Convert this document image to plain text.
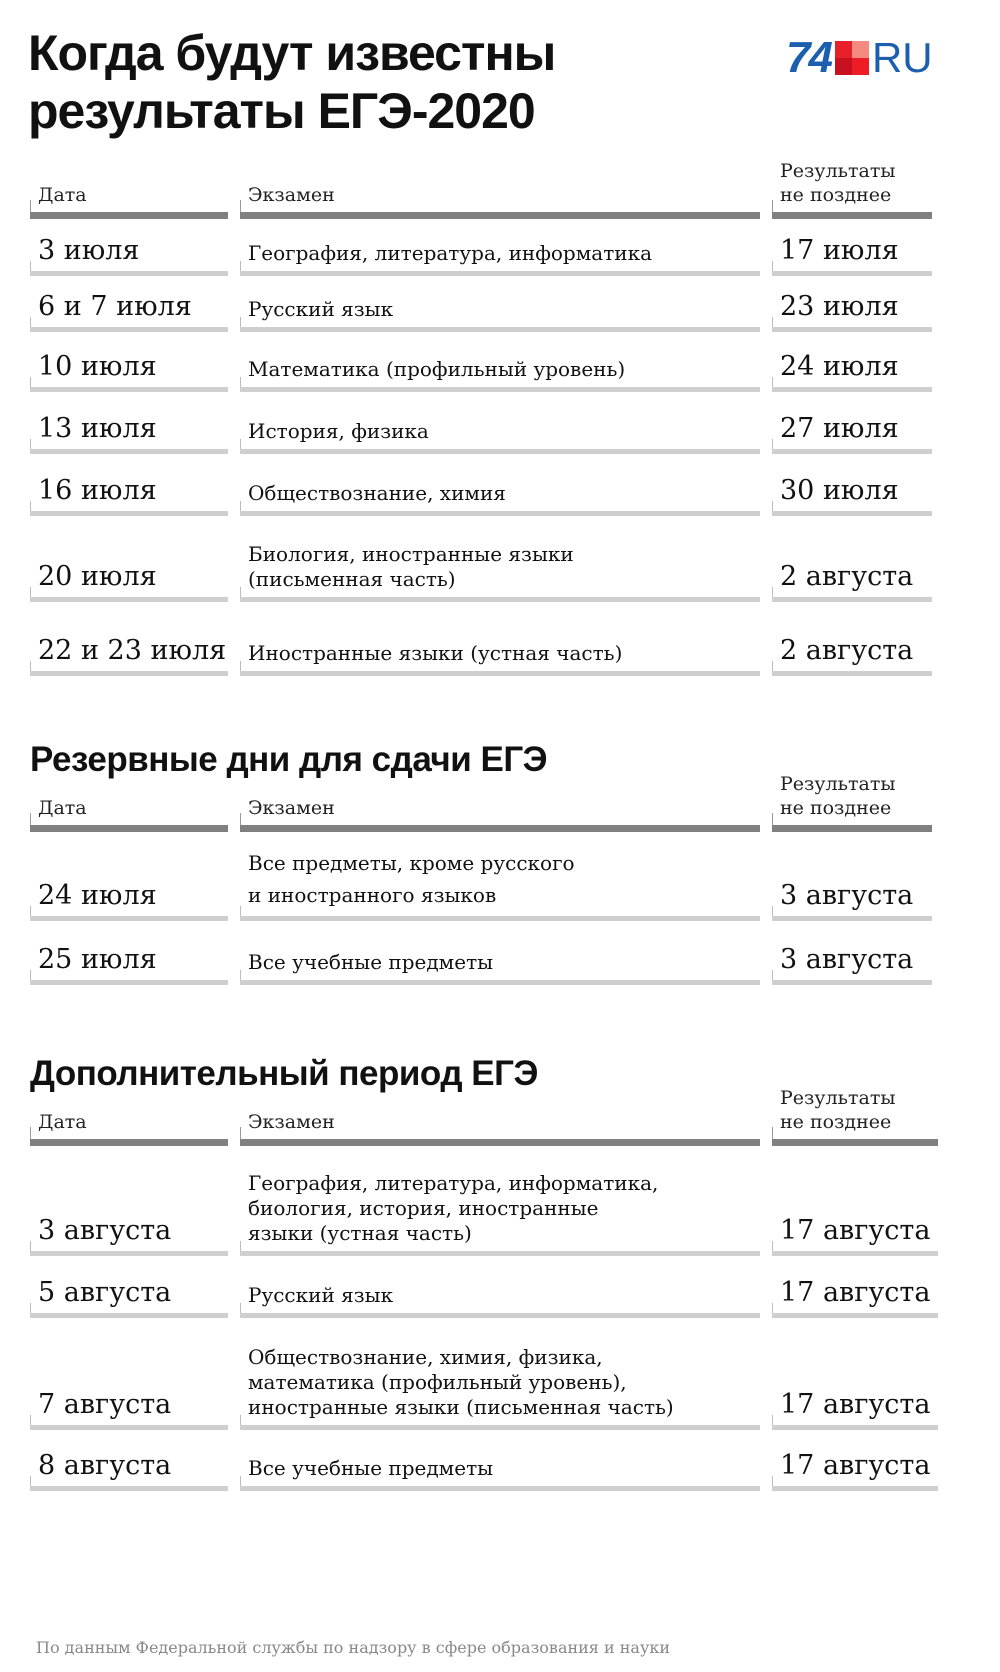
Когда будут известны
результаты ЕГЭ-2020
74 RU
Дата	Экзамен
Результаты
не позднее
3 июля	География, литература, информатика	17 июля
6 и 7 июля	Русский язык	23 июля
10 июля	Математика (профильный уровень)	24 июля
13 июля	История, физика	27 июля
16 июля	Обществознание, химия	30 июля
20 июля
Биология, иностранные языки
(письменная часть)	2 августа
22 и 23 июля	Иностранные языки (устная часть)	2 августа
Резервные дни для сдачи ЕГЭ
Дата	Экзамен
Результаты
не позднее
24 июля
Все предметы, кроме русского
и иностранного языков	3 августа
25 июля	Все учебные предметы	3 августа
Дополнительный период ЕГЭ
Дата	Экзамен
Результаты
не позднее
3 августа
География, литература, информатика,
биология, история, иностранные
языки (устная часть)	17 августа
5 августа	Русский язык	17 августа
7 августа
Обществознание, химия, физика,
математика (профильный уровень),
иностранные языки (письменная часть)	17 августа
8 августа	Все учебные предметы	17 августа
По данным Федеральной службы по надзору в сфере образования и науки
